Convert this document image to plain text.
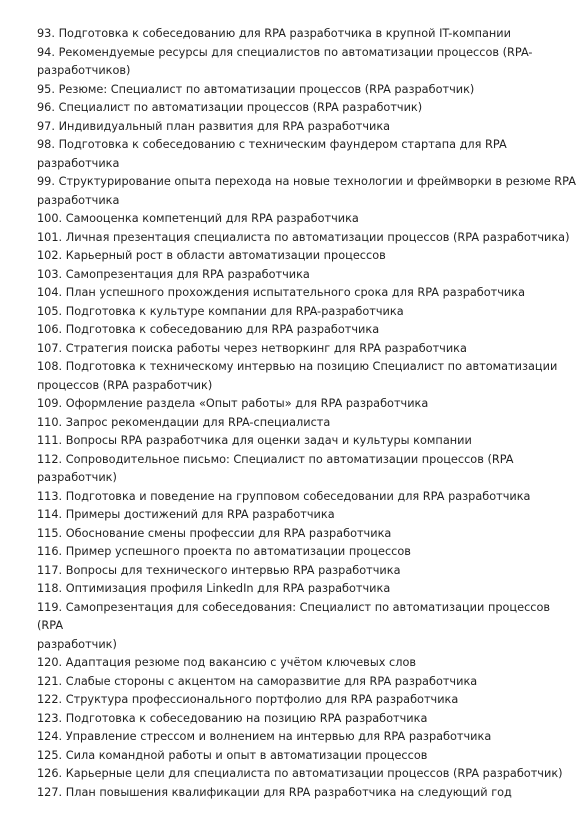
93. Подготовка к собеседованию для RPA разработчика в крупной IT-компании
94. Рекомендуемые ресурсы для специалистов по автоматизации процессов (RPA-
разработчиков)
95. Резюме: Специалист по автоматизации процессов (RPA разработчик)
96. Специалист по автоматизации процессов (RPA разработчик)
97. Индивидуальный план развития для RPA разработчика
98. Подготовка к собеседованию с техническим фаундером стартапа для RPA разработчика
99. Структурирование опыта перехода на новые технологии и фреймворки в резюме RPA
разработчика
100. Самооценка компетенций для RPA разработчика
101. Личная презентация специалиста по автоматизации процессов (RPA разработчика)
102. Карьерный рост в области автоматизации процессов
103. Самопрезентация для RPA разработчика
104. План успешного прохождения испытательного срока для RPA разработчика
105. Подготовка к культуре компании для RPA-разработчика
106. Подготовка к собеседованию для RPA разработчика
107. Стратегия поиска работы через нетворкинг для RPA разработчика
108. Подготовка к техническому интервью на позицию Специалист по автоматизации
процессов (RPA разработчик)
109. Оформление раздела «Опыт работы» для RPA разработчика
110. Запрос рекомендации для RPA-специалиста
111. Вопросы RPA разработчика для оценки задач и культуры компании
112. Сопроводительное письмо: Специалист по автоматизации процессов (RPA
разработчик)
113. Подготовка и поведение на групповом собеседовании для RPA разработчика
114. Примеры достижений для RPA разработчика
115. Обоснование смены профессии для RPA разработчика
116. Пример успешного проекта по автоматизации процессов
117. Вопросы для технического интервью RPA разработчика
118. Оптимизация профиля LinkedIn для RPA разработчика
119. Самопрезентация для собеседования: Специалист по автоматизации процессов (RPA
разработчик)
120. Адаптация резюме под вакансию с учётом ключевых слов
121. Слабые стороны с акцентом на саморазвитие для RPA разработчика
122. Структура профессионального портфолио для RPA разработчика
123. Подготовка к собеседованию на позицию RPA разработчика
124. Управление стрессом и волнением на интервью для RPA разработчика
125. Сила командной работы и опыт в автоматизации процессов
126. Карьерные цели для специалиста по автоматизации процессов (RPA разработчик)
127. План повышения квалификации для RPA разработчика на следующий год
